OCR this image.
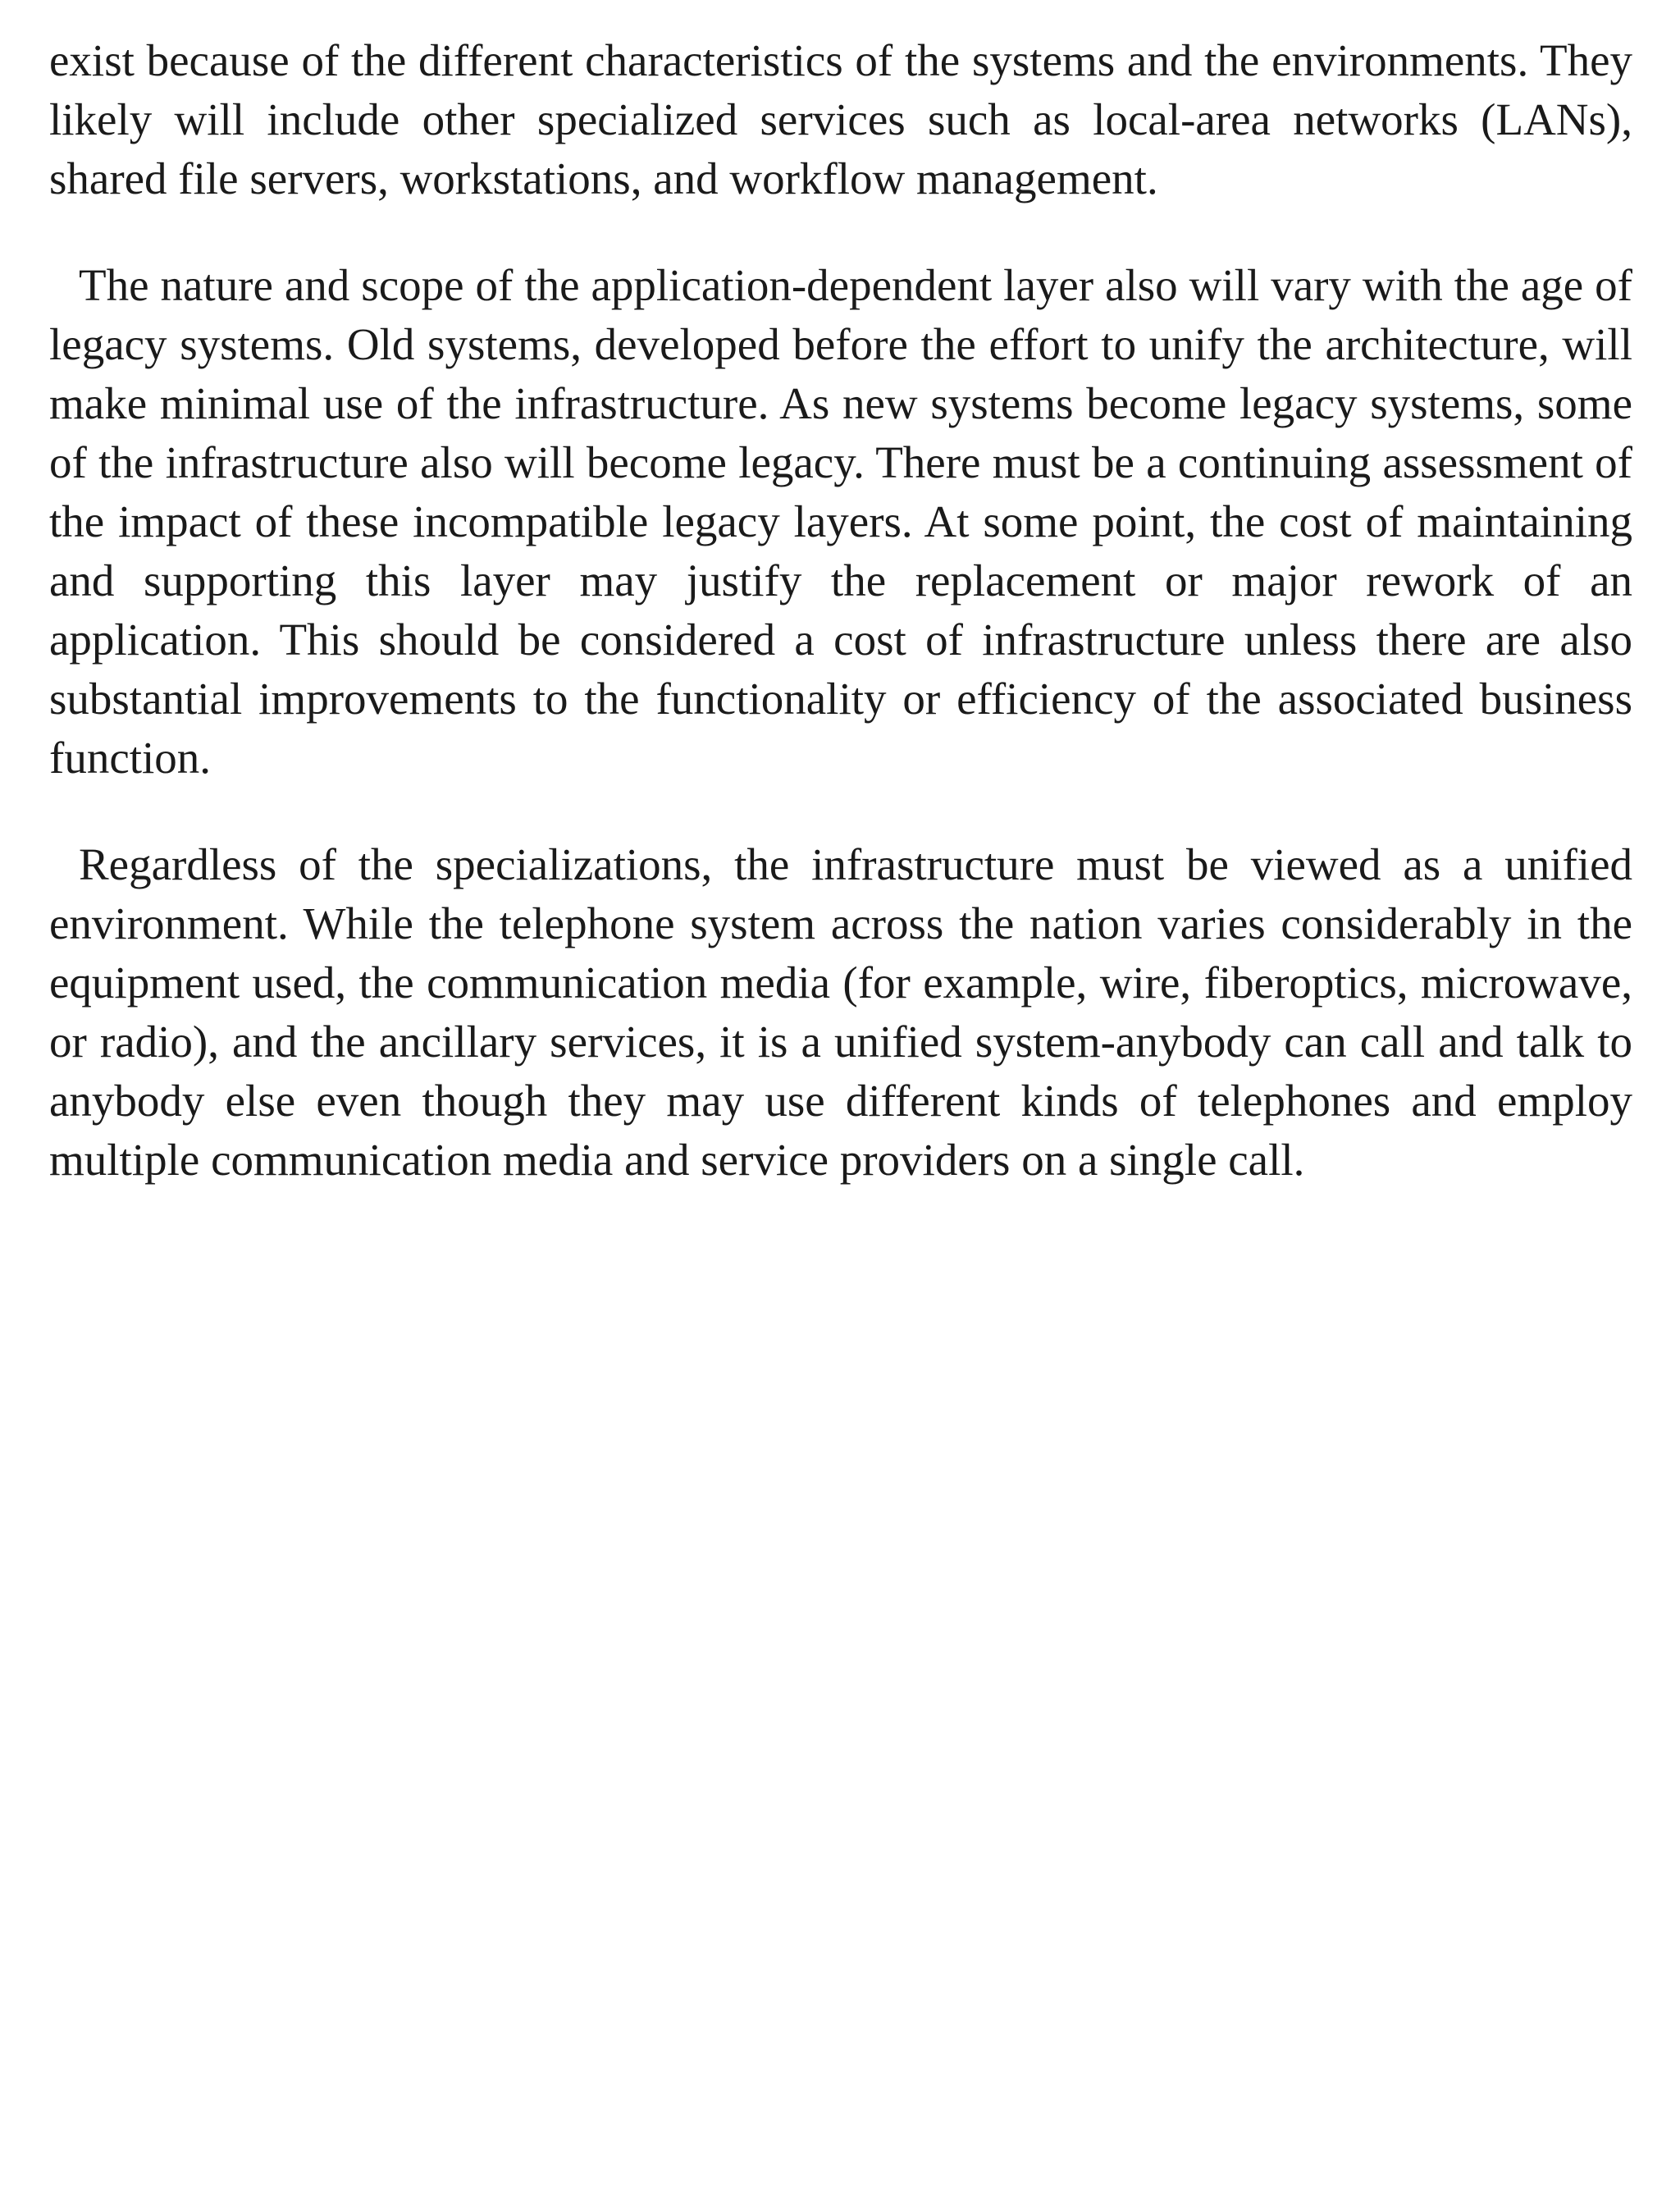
exist because of the different characteristics of the systems and the environments. They likely will include other specialized services such as local-area networks (LANs), shared file servers, workstations, and workflow management.

The nature and scope of the application-dependent layer also will vary with the age of legacy systems. Old systems, developed before the effort to unify the architecture, will make minimal use of the infrastructure. As new systems become legacy systems, some of the infrastructure also will become legacy. There must be a continuing assessment of the impact of these incompatible legacy layers. At some point, the cost of maintaining and supporting this layer may justify the replacement or major rework of an application. This should be considered a cost of infrastructure unless there are also substantial improvements to the functionality or efficiency of the associated business function.

Regardless of the specializations, the infrastructure must be viewed as a unified environment. While the telephone system across the nation varies considerably in the equipment used, the communication media (for example, wire, fiberoptics, microwave, or radio), and the ancillary services, it is a unified system-anybody can call and talk to anybody else even though they may use different kinds of telephones and employ multiple communication media and service providers on a single call.
